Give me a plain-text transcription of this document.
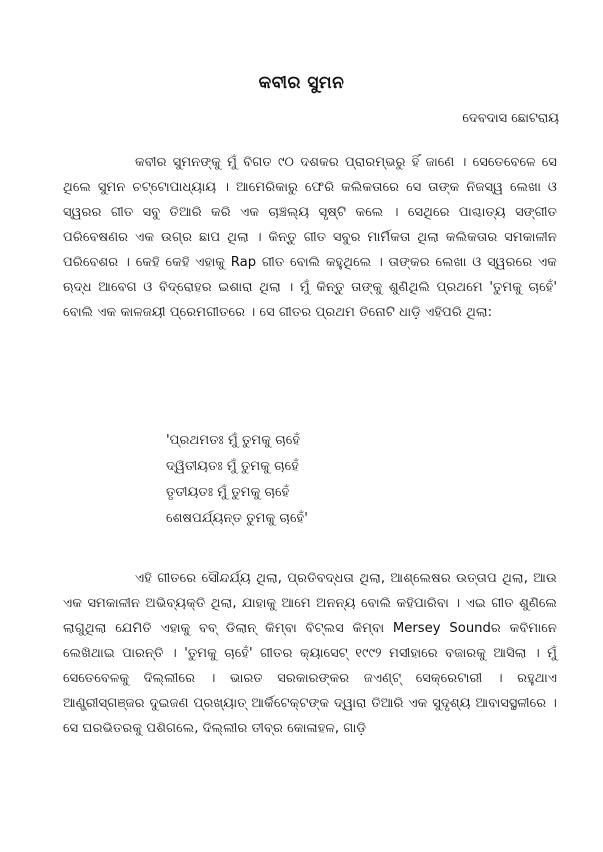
କବୀର ସୁମନ
ଦେବଦାସ ଛୋଟରାୟ

କବୀର ସୁମନଙ୍କୁ ମୁଁ ବିଗତ ୯୦ ଦଶକର ପ୍ରାରମ୍ଭରୁ ହିଁ ଜାଣେ । ସେତେବେଳେ ସେ ଥିଲେ ସୁମନ ଚଟ୍ଟୋପାଧ୍ୟାୟ । ଆମେରିକାରୁ ଫେରି କଲିକତାରେ ସେ ତାଙ୍କ ନିଜସ୍ୱ ଲେଖା ଓ ସ୍ୱରର ଗୀତ ସବୁ ତିଆରି କରି ଏକ ଚାଞ୍ଚଲ୍ୟ ସୃଷ୍ଟି କଲେ । ସେଥିରେ ପାଶ୍ଚାତ୍ୟ ସଙ୍ଗୀତ ପରିବେଷଣର ଏକ ଉଗ୍ର ଛାପ ଥିଲା । କିନ୍ତୁ ଗୀତ ସବୁର ମାର୍ମିକତା ଥିଲା କଲିକତାର ସମକାଳୀନ ପରିବେଶର । କେହି କେହି ଏହାକୁ Rap ଗୀତ ବୋଲି କହୁଥିଲେ । ତାଙ୍କର ଲେଖା ଓ ସ୍ୱରରେ ଏକ ଋଦ୍ଧ ଆବେଗ ଓ ବିଦ୍ରୋହର ଇଶାରା ଥିଲା । ମୁଁ କିନ୍ତୁ ତାଙ୍କୁ ଶୁଣିଥିଲି ପ୍ରଥମେ 'ତୁମକୁ ଚାହେଁ' ବୋଲି ଏକ କାଳଜୟୀ ପ୍ରେମଗୀତରେ । ସେ ଗୀତର ପ୍ରଥମ ତିନୋଟି ଧାଡ଼ି ଏହିପରି ଥିଲା:

'ପ୍ରଥମତଃ ମୁଁ ତୁମକୁ ଚାହେଁ
ଦ୍ୱିତୀୟତଃ ମୁଁ ତୁମକୁ ଚାହେଁ
ତୃତୀୟତଃ ମୁଁ ତୁମକୁ ଚାହେଁ
ଶେଷପର୍ଯ୍ୟନ୍ତ ତୁମକୁ ଚାହେଁ'

ଏହି ଗୀତରେ ସୌନ୍ଦର୍ଯ୍ୟ ଥିଲା, ପ୍ରତିବଦ୍ଧତା ଥିଲା, ଆଶ୍ଲେଷର ଉତ୍ତାପ ଥିଲା, ଆଉ ଏକ ସମକାଳୀନ ଅଭିବ୍ୟକ୍ତି ଥିଲା, ଯାହାକୁ ଆମେ ଅନନ୍ୟ ବୋଲି କହିପାରିବା । ଏଇ ଗୀତ ଶୁଣିଲେ ଲାଗୁଥିଲା ଯେମିତି ଏହାକୁ ବବ୍ ଡିଲାନ୍ କିମ୍ବା ବିଟ୍‌ଲସ କିମ୍ବା Mersey Soundର କବିମାନେ ଲେଖିଥାଇ ପାରନ୍ତି । 'ତୁମକୁ ଚାହେଁ' ଗୀତର କ୍ୟାସେଟ୍ ୧୯୯୨ ମସୀହାରେ ବଜାରକୁ ଆସିଲା । ମୁଁ ସେତେବେଳକୁ ଦିଲ୍ଲୀରେ । ଭାରତ ସରକାରଙ୍କର ଜଏଣ୍ଟ୍ ସେକ୍ରେଟାରୀ । ରହୁଥାଏ ଆଣ୍ଡ୍ରୀସ୍‌ଗଞ୍ଜର ଦୁଇଜଣ ପ୍ରଖ୍ୟାତ୍ ଆର୍କିଟେକ୍ଟଙ୍କ ଦ୍ୱାରା ତିଆରି ଏକ ସୁଦୃଶ୍ୟ ଆବାସସ୍ଥଳୀରେ । ସେ ଘରଭିତରକୁ ପଶିଗଲେ, ଦିଲ୍ଲୀର ତୀବ୍ର କୋଳାହଳ, ଗାଡ଼ି
